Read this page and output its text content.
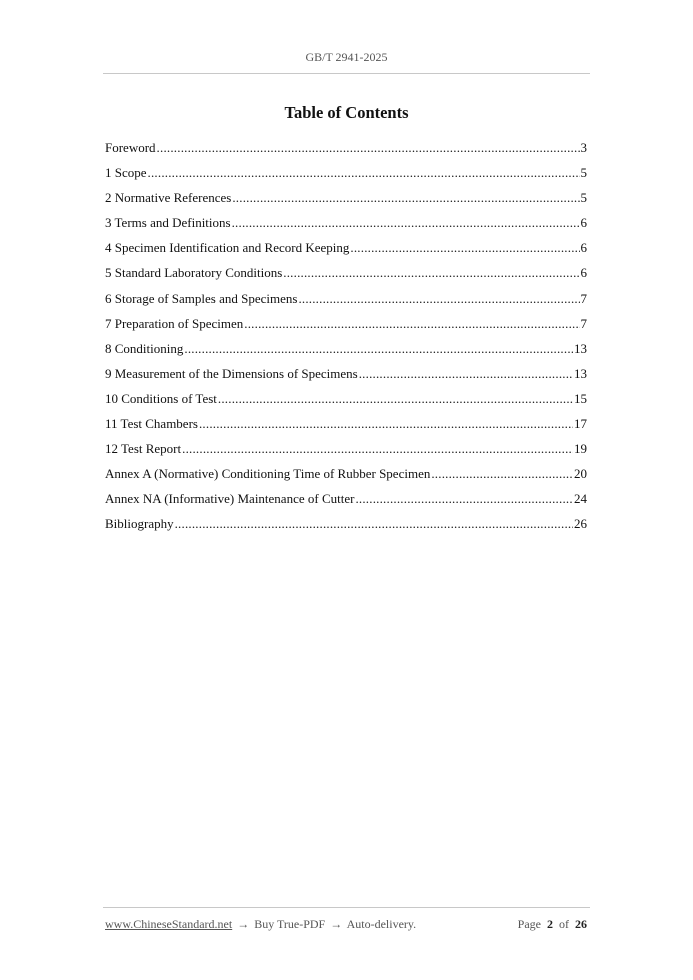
GB/T 2941-2025
Table of Contents
Foreword .....	3
1 Scope .....	5
2 Normative References .....	5
3 Terms and Definitions .....	6
4 Specimen Identification and Record Keeping .....	6
5 Standard Laboratory Conditions .....	6
6 Storage of Samples and Specimens .....	7
7 Preparation of Specimen .....	7
8 Conditioning .....	13
9 Measurement of the Dimensions of Specimens .....	13
10 Conditions of Test .....	15
11 Test Chambers .....	17
12 Test Report .....	19
Annex A (Normative) Conditioning Time of Rubber Specimen .....	20
Annex NA (Informative) Maintenance of Cutter .....	24
Bibliography .....	26
www.ChineseStandard.net → Buy True-PDF → Auto-delivery.	Page 2 of 26
